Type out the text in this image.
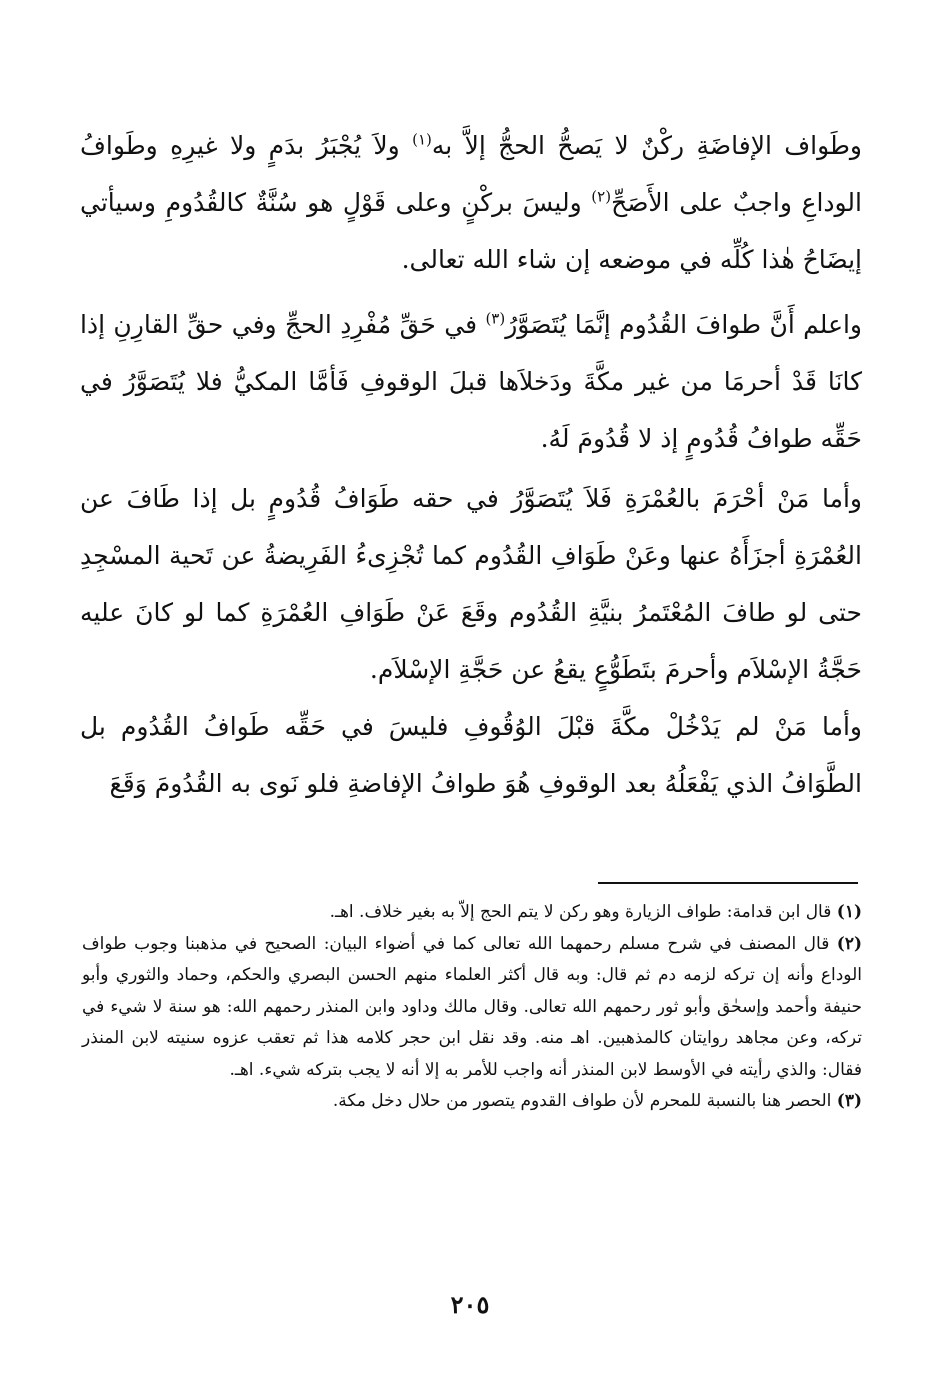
وطَواف الإفاضَةِ ركْنٌ لا يَصحُّ الحجُّ إلاَّ به$^{(١)}$ ولاَ يُجْبَرُ بدَمٍ ولا غيرِهِ وطَوافُ الوداعِ واجبٌ على الأَصَحِّ$^{(٢)}$ وليسَ بركْنٍ وعلى قَوْلٍ هو سُنَّةٌ كالقُدُومِ وسيأتي إيضَاحُ هٰذا كُلِّه في موضعه إن شاء الله تعالى.

واعلم أَنَّ طوافَ القُدُوم إنَّمَا يُتَصَوَّرُ$^{(٣)}$ في حَقِّ مُفْرِدِ الحجِّ وفي حقِّ القارِنِ إذا كانَا قَدْ أحرمَا من غير مكَّةَ ودَخلاَها قبلَ الوقوفِ فَأمَّا المكيُّ فلا يُتَصَوَّرُ في حَقِّه طوافُ قُدُومٍ إذ لا قُدُومَ لَهُ.

وأما مَنْ أحْرَمَ بالعُمْرَةِ فَلاَ يُتَصَوَّرُ في حقه طَوَافُ قُدُومٍ بل إذا طَافَ عن العُمْرَةِ أجزَأَهُ عنها وعَنْ طَوَافِ القُدُوم كما تُجْزِىءُ الفَرِيضةُ عن تَحية المسْجِدِ حتى لو طافَ المُعْتَمرُ بنيَّةِ القُدُوم وقَعَ عَنْ طَوَافِ العُمْرَةِ كما لو كانَ عليه حَجَّةُ الإسْلاَم وأحرمَ بتَطَوُّعٍ يقعُ عن حَجَّةِ الإسْلاَم.

وأما مَنْ لم يَدْخُلْ مكَّةَ قبْلَ الوُقُوفِ فليسَ في حَقِّه طَوافُ القُدُوم بل الطَّوَافُ الذي يَفْعَلُهُ بعد الوقوفِ هُوَ طوافُ الإفاضةِ فلو نَوى به القُدُومَ وَقَعَ

(١) قال ابن قدامة: طواف الزيارة وهو ركن لا يتم الحج إلاّ به بغير خلاف. اهـ.

(٢) قال المصنف في شرح مسلم رحمهما الله تعالى كما في أضواء البيان: الصحيح في مذهبنا وجوب طواف الوداع وأنه إن تركه لزمه دم ثم قال: وبه قال أكثر العلماء منهم الحسن البصري والحكم، وحماد والثوري وأبو حنيفة وأحمد وإسحٰق وأبو ثور رحمهم الله تعالى. وقال مالك وداود وابن المنذر رحمهم الله: هو سنة لا شيء في تركه، وعن مجاهد روايتان كالمذهبين. اهـ منه. وقد نقل ابن حجر كلامه هذا ثم تعقب عزوه سنيته لابن المنذر فقال: والذي رأيته في الأوسط لابن المنذر أنه واجب للأمر به إلا أنه لا يجب بتركه شيء. اهـ.

(٣) الحصر هنا بالنسبة للمحرم لأن طواف القدوم يتصور من حلال دخل مكة.

٢٠٥
